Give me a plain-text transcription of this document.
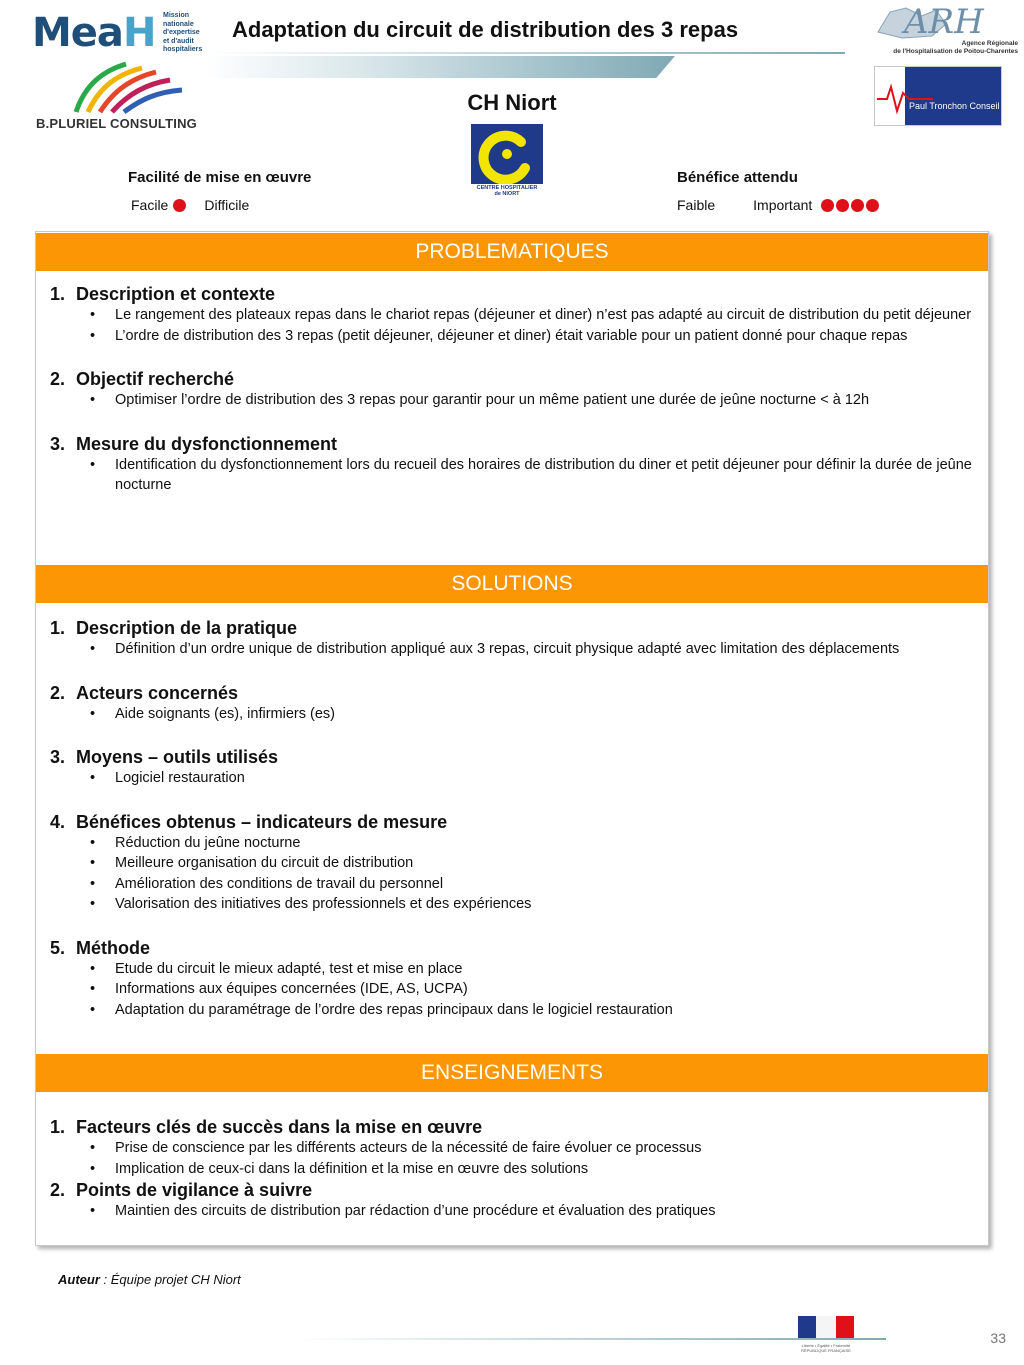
MeaH Mission
nationale
d'expertise
et d'audit
hospitaliers
Adaptation du circuit de distribution des 3 repas	ARH
Agence Régionale
de l'Hospitalisation de Poitou-Charentes
B.PLURIEL CONSULTING
CH Niort	Paul Tronchon Conseil
CENTRE HOSPITALIER
de NIORT
Facilité de mise en œuvre
Facile	Difficile
Bénéfice attendu
Faible	Important
PROBLEMATIQUES
1. Description et contexte
• Le rangement des plateaux repas dans le chariot repas (déjeuner et diner) n’est pas adapté au circuit de distribution du petit déjeuner
• L’ordre de distribution des 3 repas (petit déjeuner, déjeuner et diner) était variable pour un patient donné pour chaque repas
2. Objectif recherché
• Optimiser l’ordre de distribution des 3 repas pour garantir pour un même patient une durée de jeûne nocturne < à 12h
3. Mesure du dysfonctionnement
• Identification du dysfonctionnement lors du recueil des horaires de distribution du diner et petit déjeuner pour définir la durée de jeûne nocturne
SOLUTIONS
1. Description de la pratique
• Définition d’un ordre unique de distribution appliqué aux 3 repas, circuit physique adapté avec limitation des déplacements
2. Acteurs concernés
• Aide soignants (es), infirmiers (es)
3. Moyens – outils utilisés
• Logiciel restauration
4. Bénéfices obtenus – indicateurs de mesure
• Réduction du jeûne nocturne
• Meilleure organisation du circuit de distribution
• Amélioration des conditions de travail du personnel
• Valorisation des initiatives des professionnels et des expériences
5. Méthode
• Etude du circuit le mieux adapté, test et mise en place
• Informations aux équipes concernées (IDE, AS, UCPA)
• Adaptation du paramétrage de l’ordre des repas principaux dans le logiciel restauration
ENSEIGNEMENTS
1. Facteurs clés de succès dans la mise en œuvre
• Prise de conscience par les différents acteurs de la nécessité de faire évoluer ce processus
• Implication de ceux-ci dans la définition et la mise en œuvre des solutions
2. Points de vigilance à suivre
• Maintien des circuits de distribution par rédaction d’une procédure et évaluation des pratiques
Auteur : Équipe projet CH Niort
Liberté • Égalité • Fraternité
RÉPUBLIQUE FRANÇAISE
33
